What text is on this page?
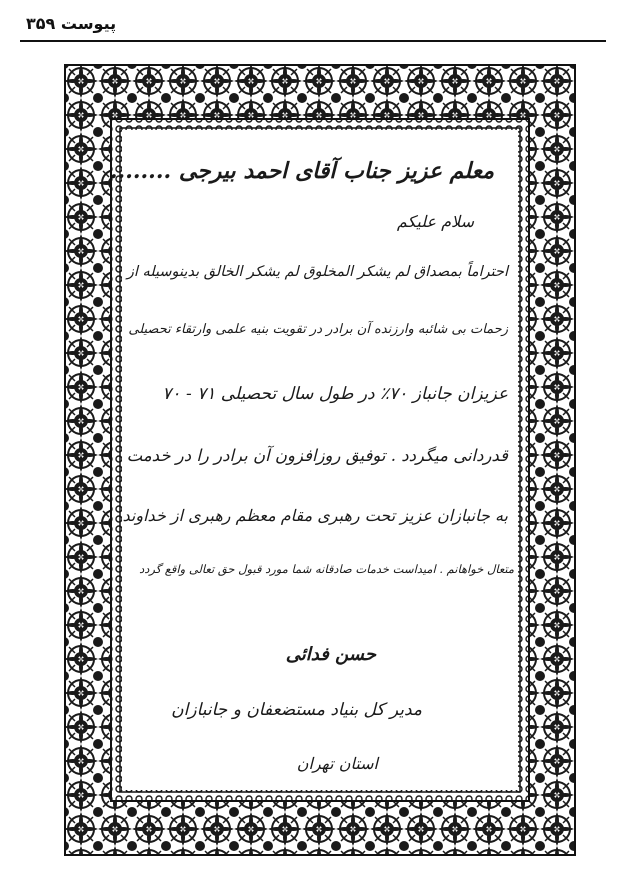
پیوست ۳۵۹
معلم عزیز جناب آقای احمد بیرجی ........
سلام علیکم
احتراماً بمصداق لم یشکر المخلوق لم یشکر الخالق بدینوسیله از
زحمات بی شائبه وارزنده آن برادر در تقویت بنیه علمی وارتقاء تحصیلی
عزیزان جانباز ۷۰٪ در طول سال تحصیلی ۷۱ - ۷۰
قدردانی میگردد . توفیق روزافزون آن برادر را در خدمت
به جانبازان عزیز تحت رهبری مقام معظم رهبری از خداوند
متعال خواهانم . امیداست خدمات صادقانه شما مورد قبول حق تعالی واقع گردد
حسن فدائی
مدیر کل بنیاد مستضعفان و جانبازان
استان تهران
